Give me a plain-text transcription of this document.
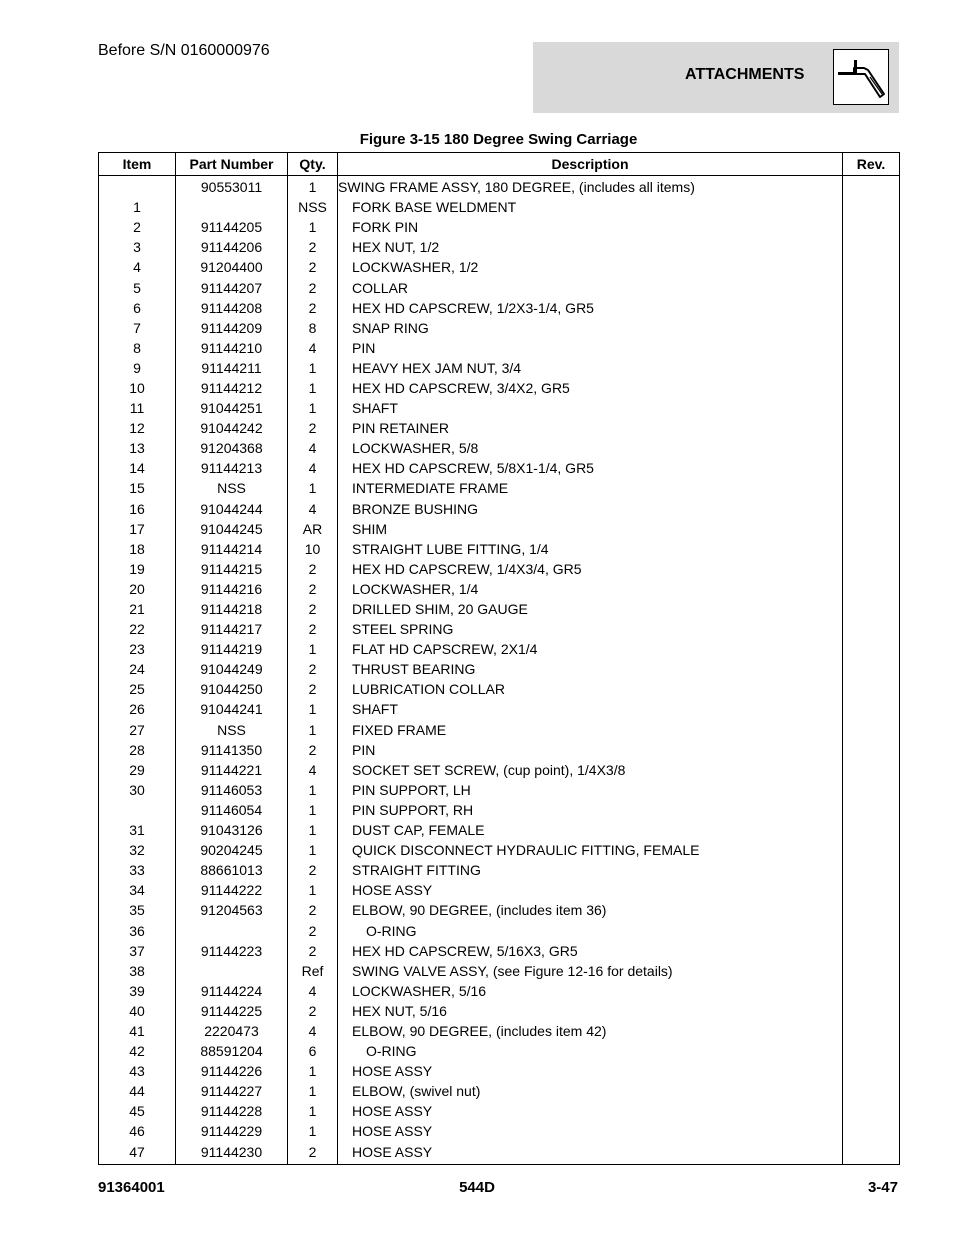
Before S/N 0160000976
ATTACHMENTS
Figure 3-15 180 Degree Swing Carriage
Item	Part Number	Qty.	Description	Rev.
	90553011	1	SWING FRAME ASSY, 180 DEGREE, (includes all items)	
1		NSS	FORK BASE WELDMENT	
2	91144205	1	FORK PIN	
3	91144206	2	HEX NUT, 1/2	
4	91204400	2	LOCKWASHER, 1/2	
5	91144207	2	COLLAR	
6	91144208	2	HEX HD CAPSCREW, 1/2X3-1/4, GR5	
7	91144209	8	SNAP RING	
8	91144210	4	PIN	
9	91144211	1	HEAVY HEX JAM NUT, 3/4	
10	91144212	1	HEX HD CAPSCREW, 3/4X2, GR5	
11	91044251	1	SHAFT	
12	91044242	2	PIN RETAINER	
13	91204368	4	LOCKWASHER, 5/8	
14	91144213	4	HEX HD CAPSCREW, 5/8X1-1/4, GR5	
15	NSS	1	INTERMEDIATE FRAME	
16	91044244	4	BRONZE BUSHING	
17	91044245	AR	SHIM	
18	91144214	10	STRAIGHT LUBE FITTING, 1/4	
19	91144215	2	HEX HD CAPSCREW, 1/4X3/4, GR5	
20	91144216	2	LOCKWASHER, 1/4	
21	91144218	2	DRILLED SHIM, 20 GAUGE	
22	91144217	2	STEEL SPRING	
23	91144219	1	FLAT HD CAPSCREW, 2X1/4	
24	91044249	2	THRUST BEARING	
25	91044250	2	LUBRICATION COLLAR	
26	91044241	1	SHAFT	
27	NSS	1	FIXED FRAME	
28	91141350	2	PIN	
29	91144221	4	SOCKET SET SCREW, (cup point), 1/4X3/8	
30	91146053	1	PIN SUPPORT, LH	
	91146054	1	PIN SUPPORT, RH	
31	91043126	1	DUST CAP, FEMALE	
32	90204245	1	QUICK DISCONNECT HYDRAULIC FITTING, FEMALE	
33	88661013	2	STRAIGHT FITTING	
34	91144222	1	HOSE ASSY	
35	91204563	2	ELBOW, 90 DEGREE, (includes item 36)	
36		2	O-RING	
37	91144223	2	HEX HD CAPSCREW, 5/16X3, GR5	
38		Ref	SWING VALVE ASSY, (see Figure 12-16 for details)	
39	91144224	4	LOCKWASHER, 5/16	
40	91144225	2	HEX NUT, 5/16	
41	2220473	4	ELBOW, 90 DEGREE, (includes item 42)	
42	88591204	6	O-RING	
43	91144226	1	HOSE ASSY	
44	91144227	1	ELBOW, (swivel nut)	
45	91144228	1	HOSE ASSY	
46	91144229	1	HOSE ASSY	
47	91144230	2	HOSE ASSY	
91364001	544D	3-47
